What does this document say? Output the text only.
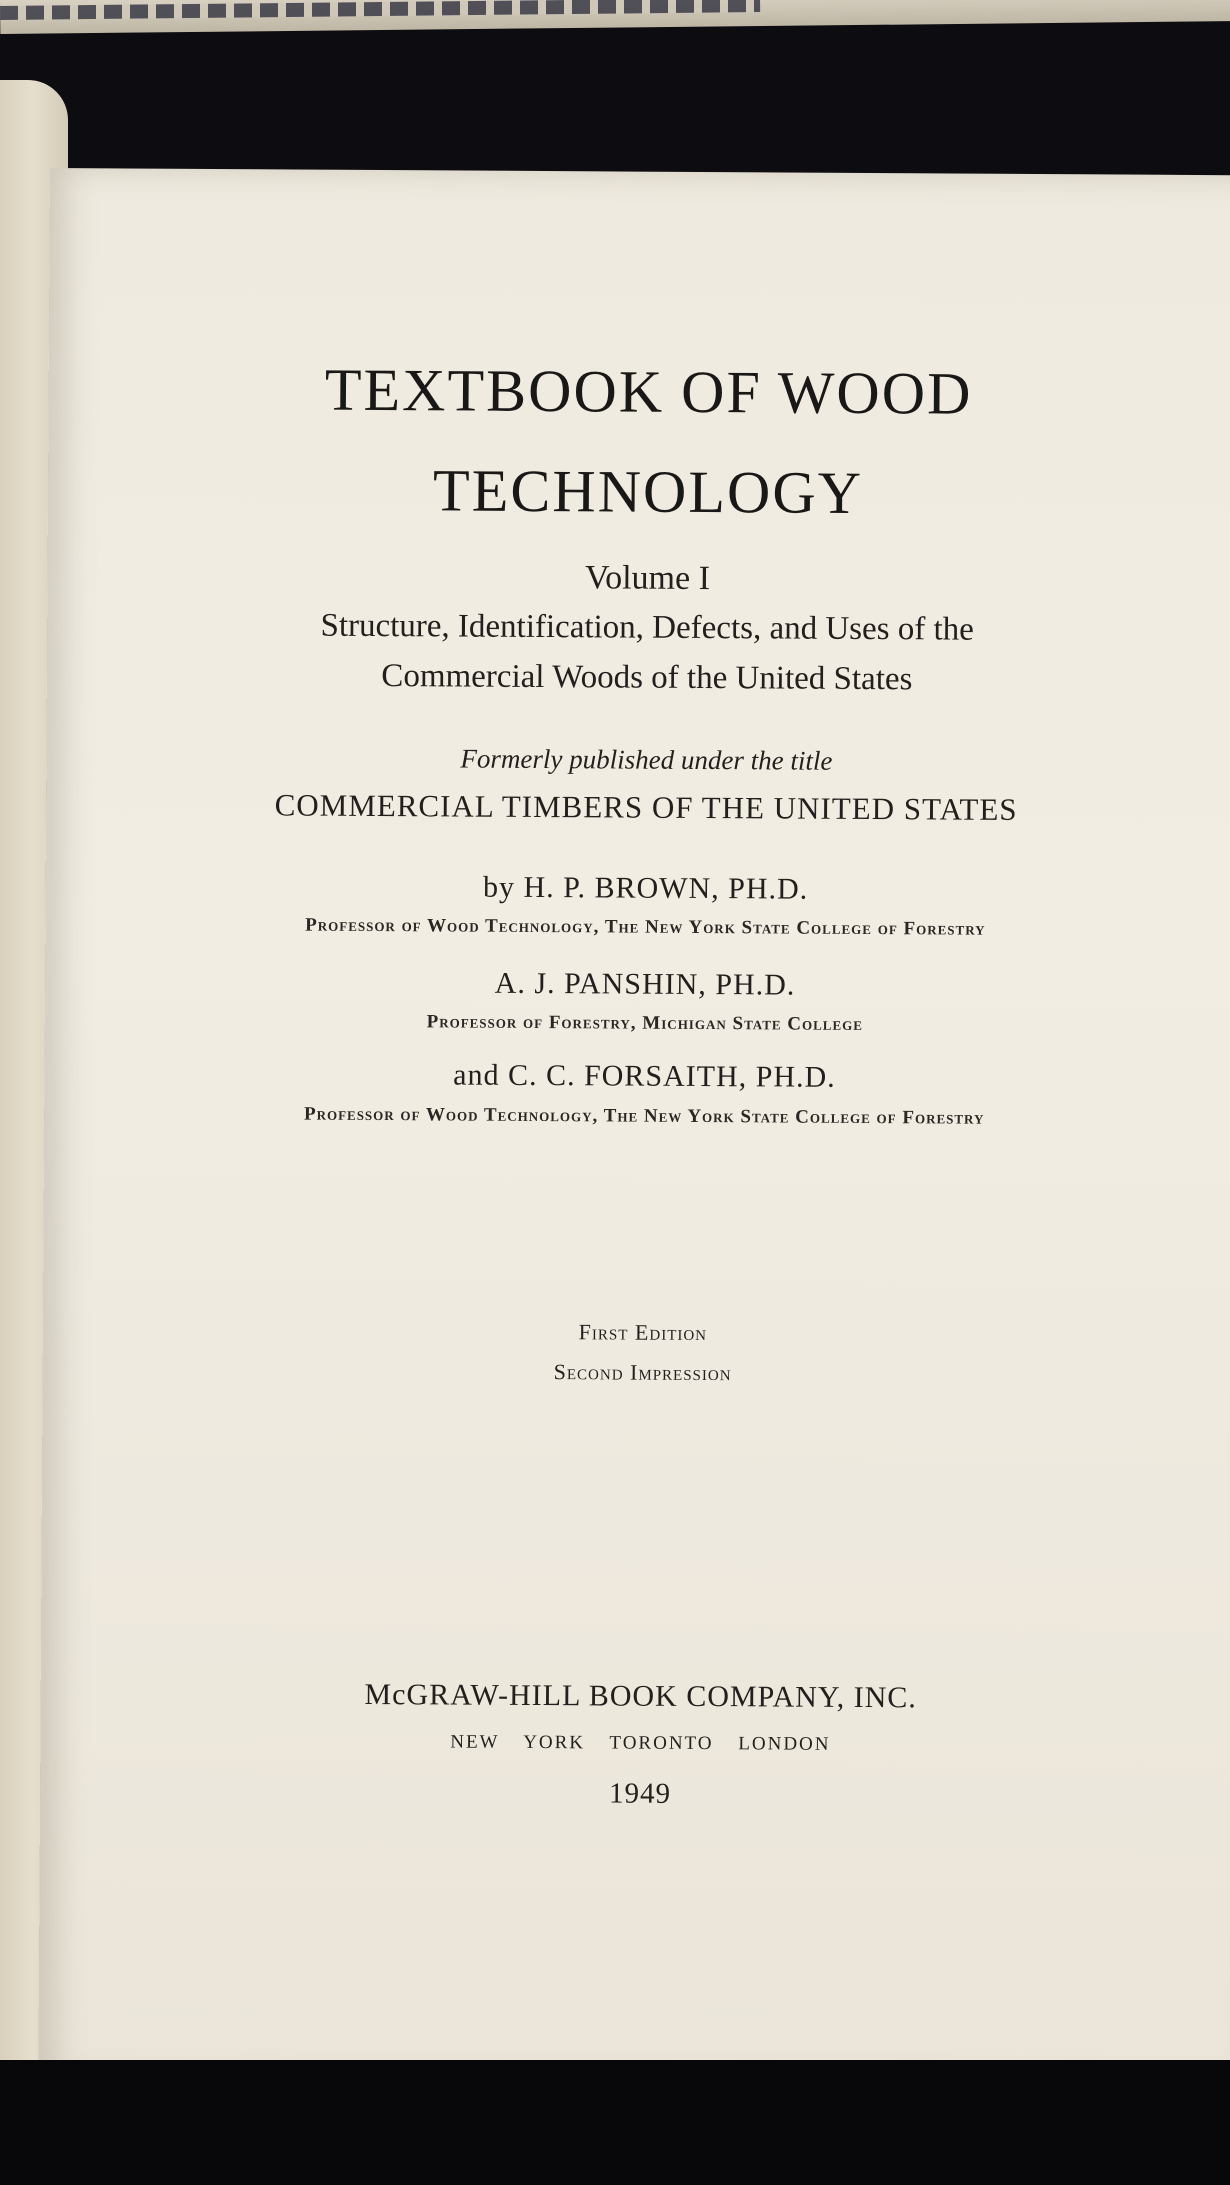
TEXTBOOK OF WOOD
TECHNOLOGY
Volume I
Structure, Identification, Defects, and Uses of the
Commercial Woods of the United States
Formerly published under the title
COMMERCIAL TIMBERS OF THE UNITED STATES
by H. P. BROWN, PH.D.
Professor of Wood Technology, The New York State College of Forestry
A. J. PANSHIN, PH.D.
Professor of Forestry, Michigan State College
and C. C. FORSAITH, PH.D.
Professor of Wood Technology, The New York State College of Forestry
First Edition
Second Impression
McGRAW-HILL BOOK COMPANY, INC.
NEW YORK TORONTO LONDON
1949
